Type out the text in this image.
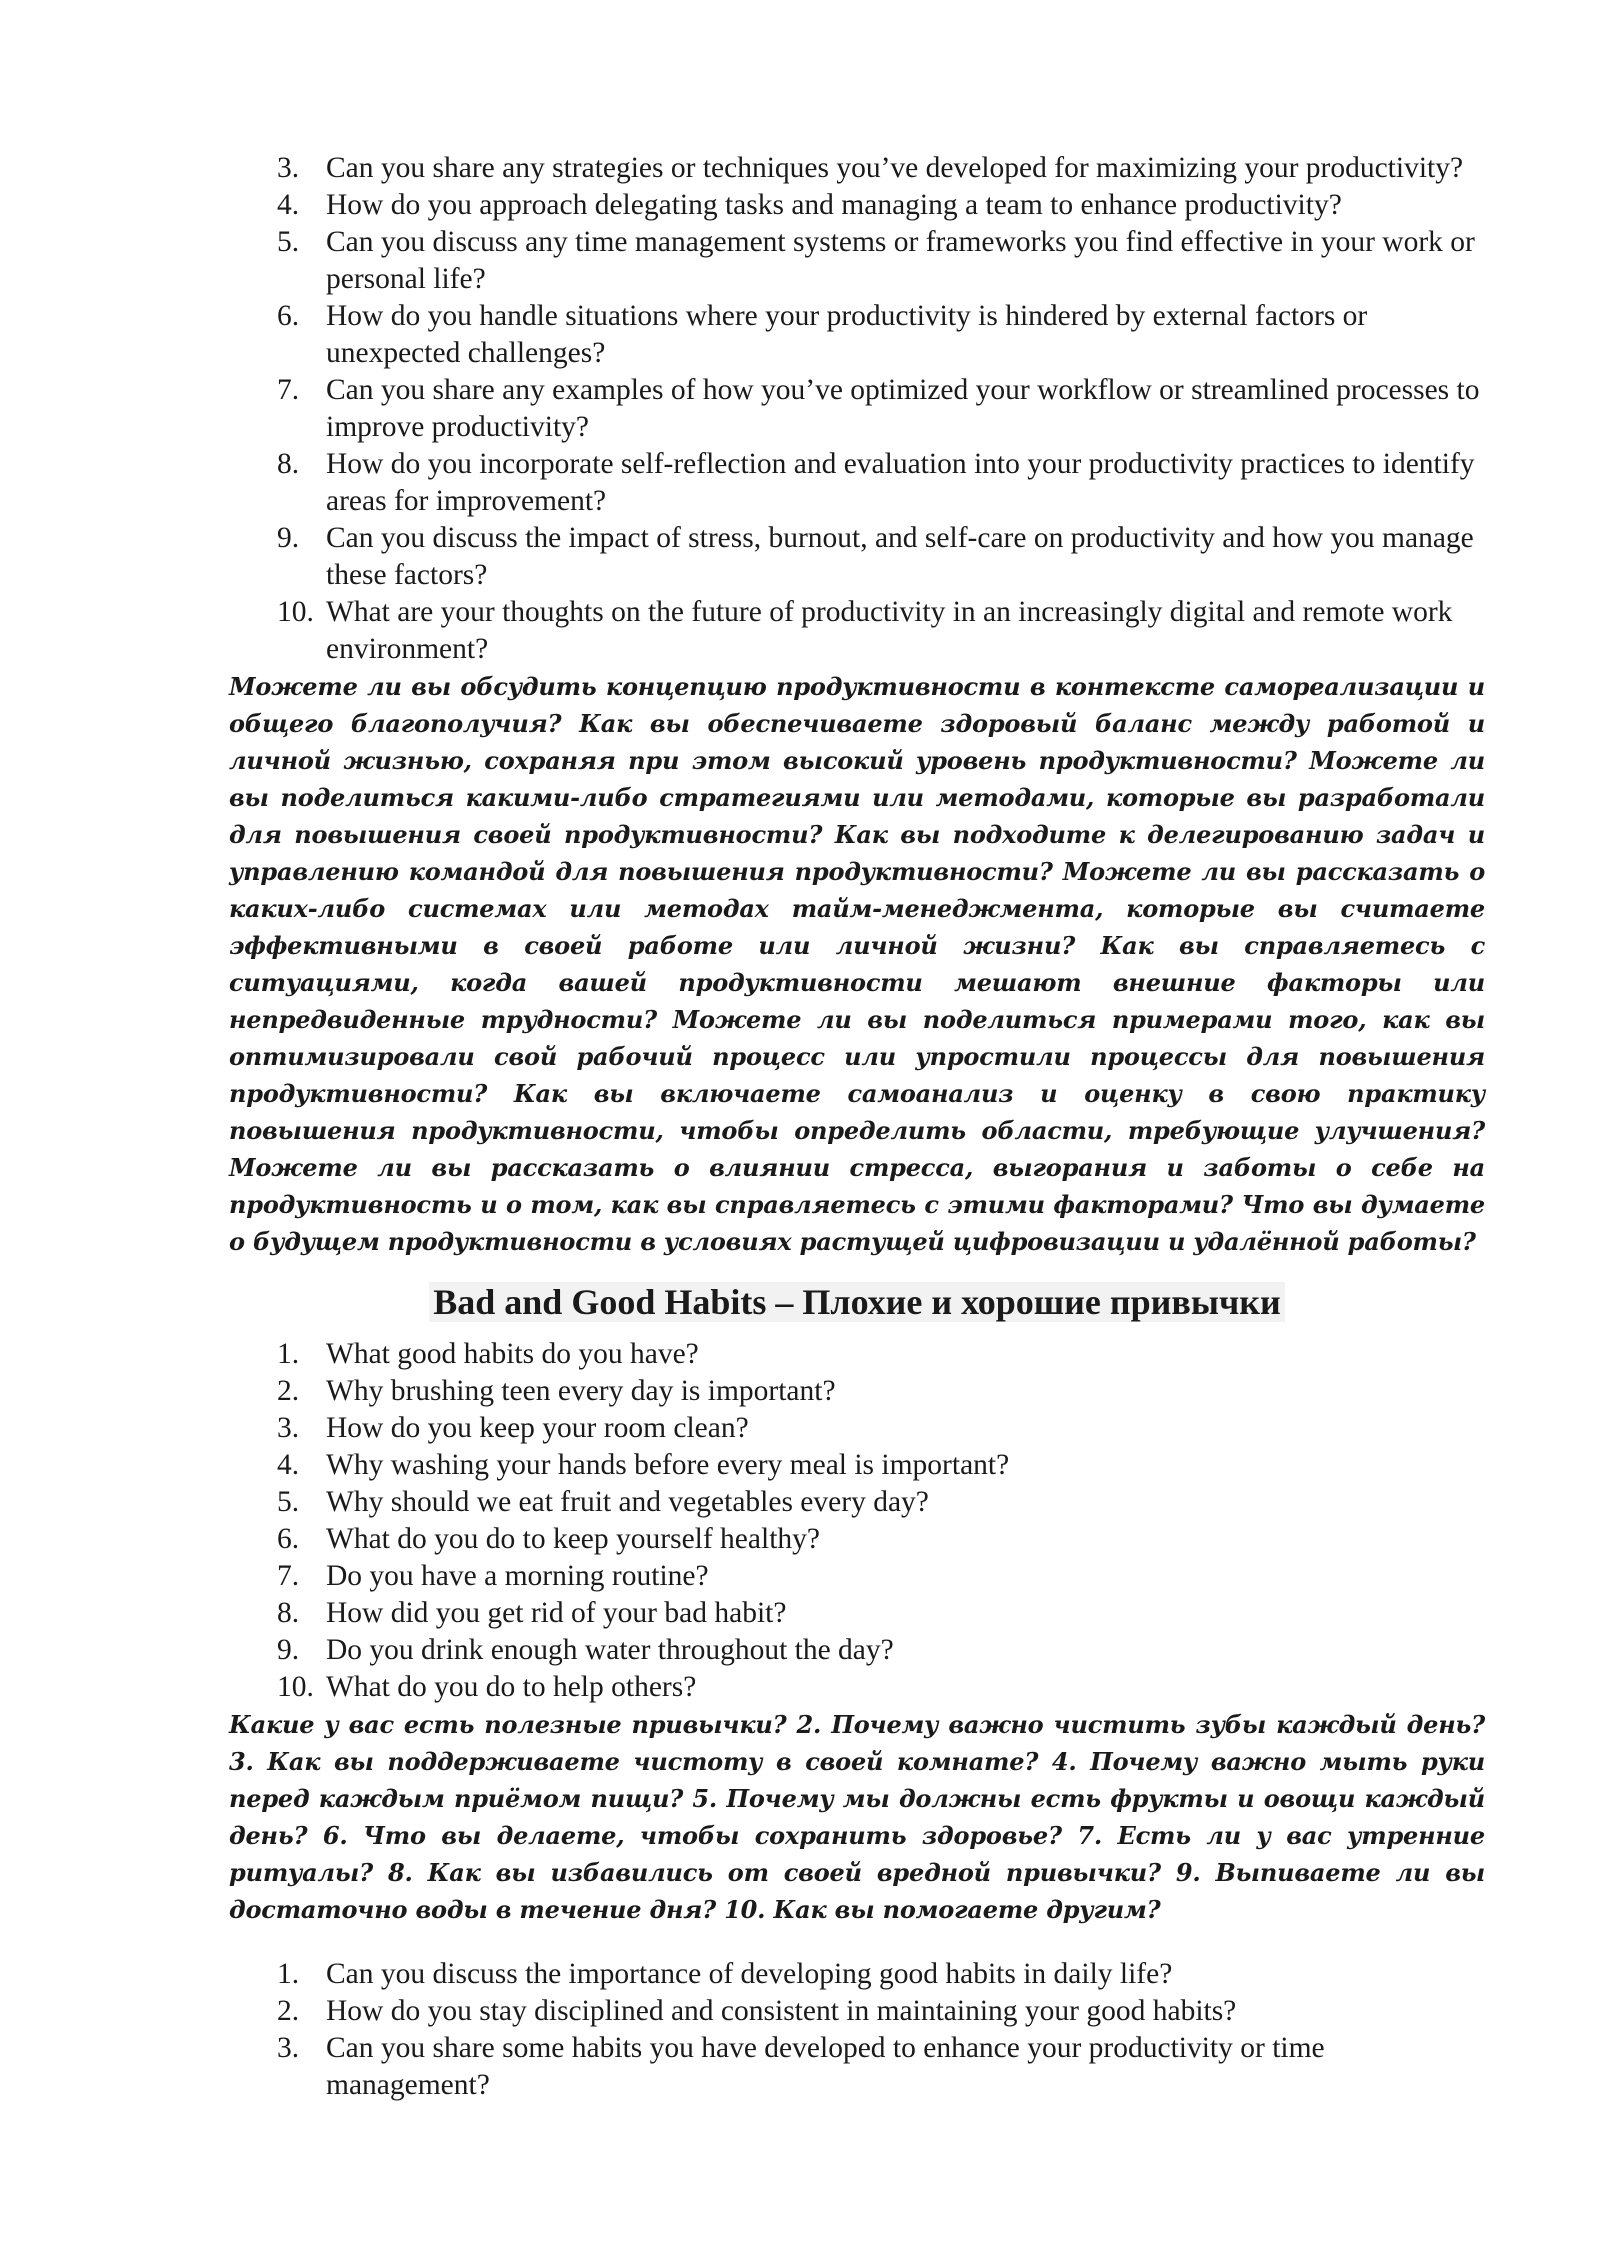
3. Can you share any strategies or techniques you’ve developed for maximizing your productivity?
4. How do you approach delegating tasks and managing a team to enhance productivity?
5. Can you discuss any time management systems or frameworks you find effective in your work or personal life?
6. How do you handle situations where your productivity is hindered by external factors or unexpected challenges?
7. Can you share any examples of how you’ve optimized your workflow or streamlined processes to improve productivity?
8. How do you incorporate self-reflection and evaluation into your productivity practices to identify areas for improvement?
9. Can you discuss the impact of stress, burnout, and self-care on productivity and how you manage these factors?
10. What are your thoughts on the future of productivity in an increasingly digital and remote work environment?

Можете ли вы обсудить концепцию продуктивности в контексте самореализации и общего благополучия? Как вы обеспечиваете здоровый баланс между работой и личной жизнью, сохраняя при этом высокий уровень продуктивности? Можете ли вы поделиться какими-либо стратегиями или методами, которые вы разработали для повышения своей продуктивности? Как вы подходите к делегированию задач и управлению командой для повышения продуктивности? Можете ли вы рассказать о каких-либо системах или методах тайм-менеджмента, которые вы считаете эффективными в своей работе или личной жизни? Как вы справляетесь с ситуациями, когда вашей продуктивности мешают внешние факторы или непредвиденные трудности? Можете ли вы поделиться примерами того, как вы оптимизировали свой рабочий процесс или упростили процессы для повышения продуктивности? Как вы включаете самоанализ и оценку в свою практику повышения продуктивности, чтобы определить области, требующие улучшения? Можете ли вы рассказать о влиянии стресса, выгорания и заботы о себе на продуктивность и о том, как вы справляетесь с этими факторами? Что вы думаете о будущем продуктивности в условиях растущей цифровизации и удалённой работы?

Bad and Good Habits – Плохие и хорошие привычки
1. What good habits do you have?
2. Why brushing teen every day is important?
3. How do you keep your room clean?
4. Why washing your hands before every meal is important?
5. Why should we eat fruit and vegetables every day?
6. What do you do to keep yourself healthy?
7. Do you have a morning routine?
8. How did you get rid of your bad habit?
9. Do you drink enough water throughout the day?
10. What do you do to help others?

Какие у вас есть полезные привычки? 2. Почему важно чистить зубы каждый день? 3. Как вы поддерживаете чистоту в своей комнате? 4. Почему важно мыть руки перед каждым приёмом пищи? 5. Почему мы должны есть фрукты и овощи каждый день? 6. Что вы делаете, чтобы сохранить здоровье? 7. Есть ли у вас утренние ритуалы? 8. Как вы избавились от своей вредной привычки? 9. Выпиваете ли вы достаточно воды в течение дня? 10. Как вы помогаете другим?

1. Can you discuss the importance of developing good habits in daily life?
2. How do you stay disciplined and consistent in maintaining your good habits?
3. Can you share some habits you have developed to enhance your productivity or time management?
